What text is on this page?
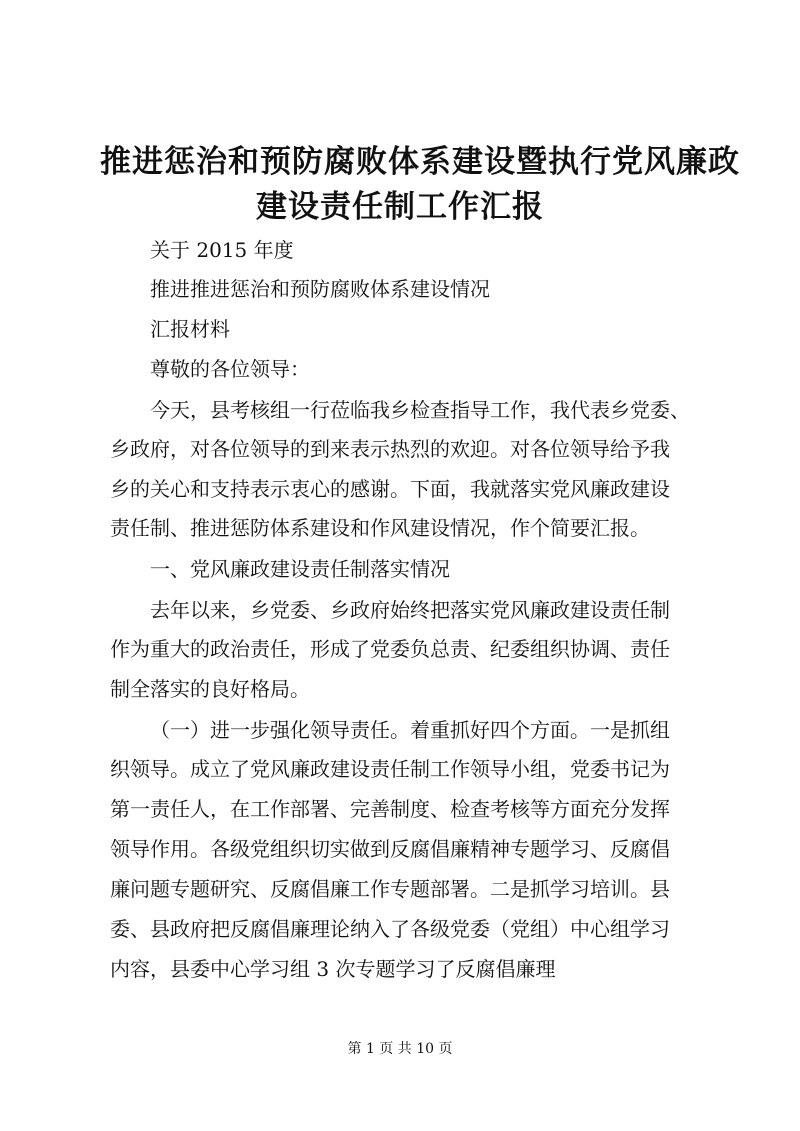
推进惩治和预防腐败体系建设暨执行党风廉政
建设责任制工作汇报
关于 2015 年度
推进推进惩治和预防腐败体系建设情况
汇报材料
尊敬的各位领导：
今天，县考核组一行莅临我乡检查指导工作，我代表乡党委、
乡政府，对各位领导的到来表示热烈的欢迎。对各位领导给予我
乡的关心和支持表示衷心的感谢。下面，我就落实党风廉政建设
责任制、推进惩防体系建设和作风建设情况，作个简要汇报。
一、党风廉政建设责任制落实情况
去年以来，乡党委、乡政府始终把落实党风廉政建设责任制
作为重大的政治责任，形成了党委负总责、纪委组织协调、责任
制全落实的良好格局。
（一）进一步强化领导责任。着重抓好四个方面。一是抓组
织领导。成立了党风廉政建设责任制工作领导小组，党委书记为
第一责任人，在工作部署、完善制度、检查考核等方面充分发挥
领导作用。各级党组织切实做到反腐倡廉精神专题学习、反腐倡
廉问题专题研究、反腐倡廉工作专题部署。二是抓学习培训。县
委、县政府把反腐倡廉理论纳入了各级党委（党组）中心组学习
内容，县委中心学习组 3 次专题学习了反腐倡廉理
第 1 页 共 10 页
